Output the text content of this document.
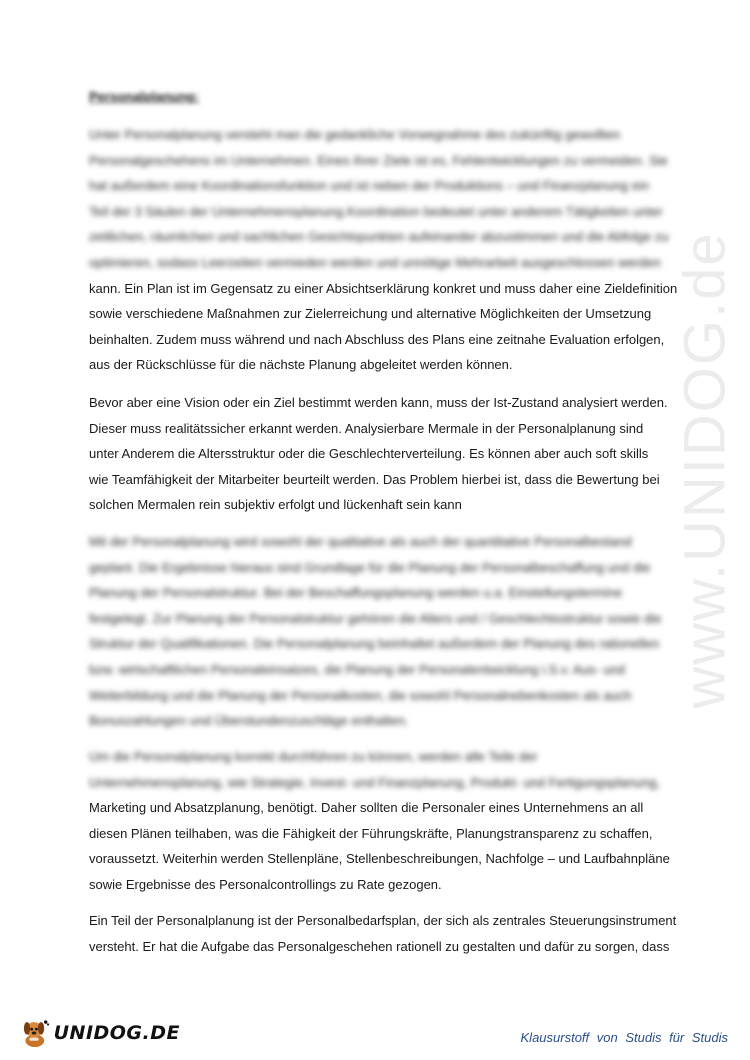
www.UNIDOG.de
Personalplanung:
Unter Personalplanung versteht man die gedankliche Vorwegnahme des zukünftig gewollten
Personalgeschehens im Unternehmen. Eines ihrer Ziele ist es, Fehlentwicklungen zu vermeiden. Sie
hat außerdem eine Koordinationsfunktion und ist neben der Produktions – und Finanzplanung ein
Teil der 3 Säulen der Unternehmensplanung.Koordination bedeutet unter anderem Tätigkeiten unter
zeitlichen, räumlichen und sachlichen Gesichtspunkten aufeinander abzustimmen und die Abfolge zu
optimieren, sodass Leerzeiten vermieden werden und unnötige Mehrarbeit ausgeschlossen werden
kann. Ein Plan ist im Gegensatz zu einer Absichtserklärung konkret und muss daher eine Zieldefinition
sowie verschiedene Maßnahmen zur Zielerreichung und alternative Möglichkeiten der Umsetzung
beinhalten. Zudem muss während und nach Abschluss des Plans eine zeitnahe Evaluation erfolgen,
aus der Rückschlüsse für die nächste Planung abgeleitet werden können.
Bevor aber eine Vision oder ein Ziel bestimmt werden kann, muss der Ist-Zustand analysiert werden.
Dieser muss realitätssicher erkannt werden. Analysierbare Mermale in der Personalplanung sind
unter Anderem die Altersstruktur oder die Geschlechterverteilung. Es können aber auch soft skills
wie Teamfähigkeit der Mitarbeiter beurteilt werden. Das Problem hierbei ist, dass die Bewertung bei
solchen Mermalen rein subjektiv erfolgt und lückenhaft sein kann
Mit der Personalplanung wird sowohl der qualitative als auch der quantitative Personalbestand
geplant. Die Ergebnisse hieraus sind Grundlage für die Planung der Personalbeschaffung und die
Planung der Personalstruktur. Bei der Beschaffungsplanung werden u.a. Einstellungstermine
festgelegt. Zur Planung der Personalstruktur gehören die Alters und / Geschlechtsstruktur sowie die
Struktur der Qualifikationen. Die Personalplanung beinhaltet außerdem der Planung des rationellen
bzw. wirtschaftlichen Personaleinsatzes, die Planung der Personalentwicklung i.S.v. Aus- und
Weiterbildung und die Planung der Personalkosten, die sowohl Personalnebenkosten als auch
Bonuszahlungen und Überstundenzuschläge enthalten.
Um die Personalplanung korrekt durchführen zu können, werden alle Teile der
Unternehmensplanung, wie Strategie, Invest- und Finanzplanung, Produkt- und Fertigungsplanung,
Marketing und Absatzplanung, benötigt. Daher sollten die Personaler eines Unternehmens an all
diesen Plänen teilhaben, was die Fähigkeit der Führungskräfte, Planungstransparenz zu schaffen,
voraussetzt. Weiterhin werden Stellenpläne, Stellenbeschreibungen, Nachfolge – und Laufbahnpläne
sowie Ergebnisse des Personalcontrollings zu Rate gezogen.
Ein Teil der Personalplanung ist der Personalbedarfsplan, der sich als zentrales Steuerungsinstrument
versteht. Er hat die Aufgabe das Personalgeschehen rationell zu gestalten und dafür zu sorgen, dass
UNIDOG.DE	Klausurstoff von Studis für Studis
